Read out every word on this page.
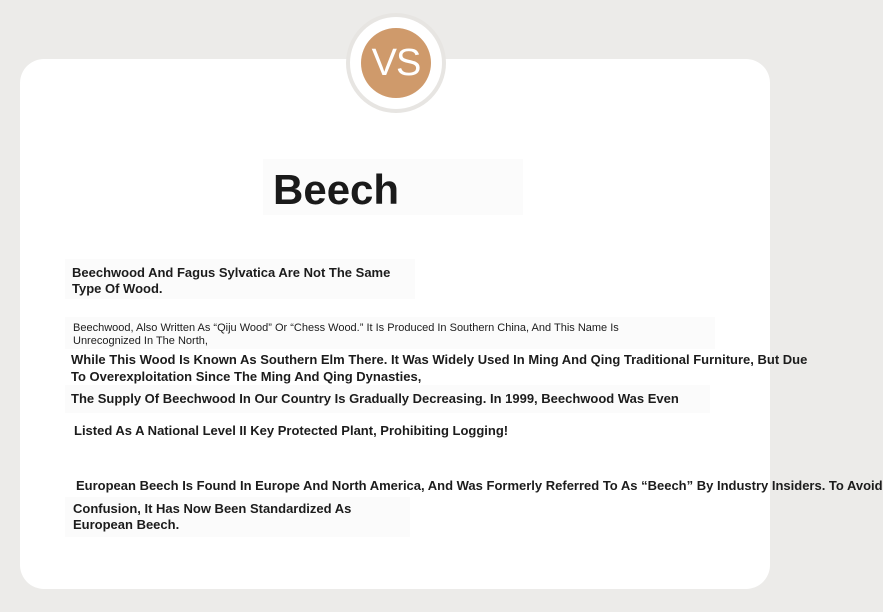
Beech
Beechwood And Fagus Sylvatica Are Not The Same
Type Of Wood.
Beechwood, Also Written As “Qiju Wood” Or “Chess Wood.” It Is Produced In Southern China, And This Name Is
Unrecognized In The North,
While This Wood Is Known As Southern Elm There. It Was Widely Used In Ming And Qing Traditional Furniture, But Due
To Overexploitation Since The Ming And Qing Dynasties,
The Supply Of Beechwood In Our Country Is Gradually Decreasing. In 1999, Beechwood Was Even
Listed As A National Level II Key Protected Plant, Prohibiting Logging!
European Beech Is Found In Europe And North America, And Was Formerly Referred To As “Beech” By Industry Insiders. To Avoid
Confusion, It Has Now Been Standardized As
European Beech.
VS
